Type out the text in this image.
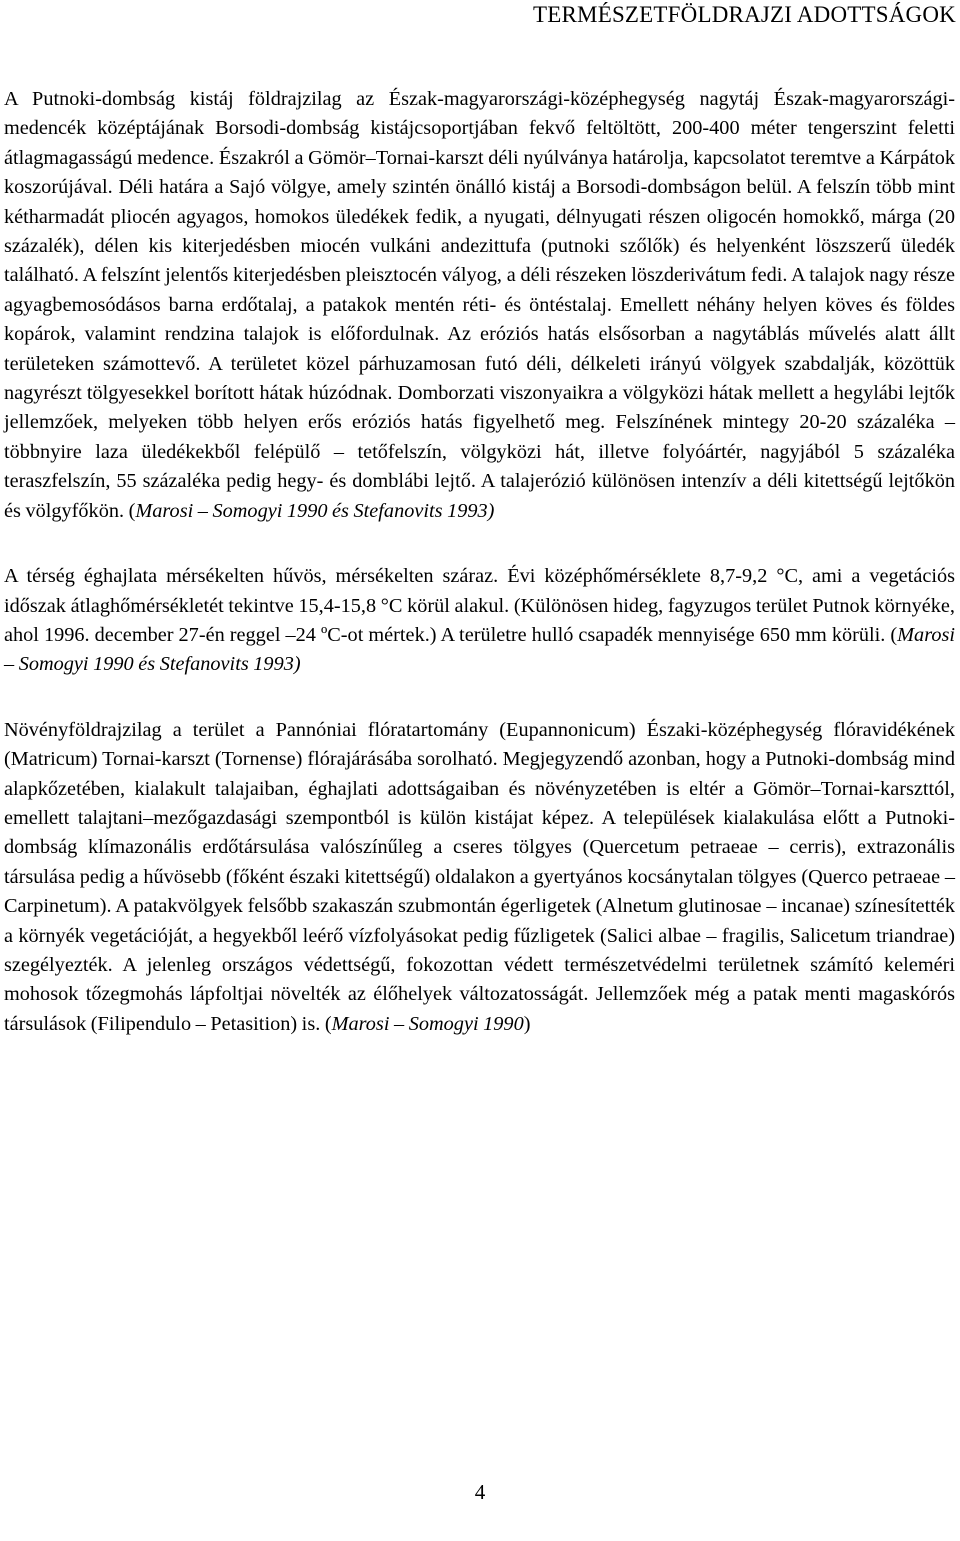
TERMÉSZETFÖLDRAJZI ADOTTSÁGOK

A Putnoki-dombság kistáj földrajzilag az Észak-magyarországi-középhegység nagytáj Észak-magyarországi-medencék középtájának Borsodi-dombság kistájcsoportjában fekvő feltöltött, 200-400 méter tengerszint feletti átlagmagasságú medence. Északról a Gömör–Tornai-karszt déli nyúlványa határolja, kapcsolatot teremtve a Kárpátok koszorújával. Déli határa a Sajó völgye, amely szintén önálló kistáj a Borsodi-dombságon belül. A felszín több mint kétharmadát pliocén agyagos, homokos üledékek fedik, a nyugati, délnyugati részen oligocén homokkő, márga (20 százalék), délen kis kiterjedésben miocén vulkáni andezittufa (putnoki szőlők) és helyenként löszszerű üledék található. A felszínt jelentős kiterjedésben pleisztocén vályog, a déli részeken löszderivátum fedi. A talajok nagy része agyagbemosódásos barna erdőtalaj, a patakok mentén réti- és öntéstalaj. Emellett néhány helyen köves és földes kopárok, valamint rendzina talajok is előfordulnak. Az eróziós hatás elsősorban a nagytáblás művelés alatt állt területeken számottevő. A területet közel párhuzamosan futó déli, délkeleti irányú völgyek szabdalják, közöttük nagyrészt tölgyesekkel borított hátak húzódnak. Domborzati viszonyaikra a völgyközi hátak mellett a hegylábi lejtők jellemzőek, melyeken több helyen erős eróziós hatás figyelhető meg. Felszínének mintegy 20-20 százaléka – többnyire laza üledékekből felépülő – tetőfelszín, völgyközi hát, illetve folyóártér, nagyjából 5 százaléka teraszfelszín, 55 százaléka pedig hegy- és domblábi lejtő. A talajerózió különösen intenzív a déli kitettségű lejtőkön és völgyfőkön. (Marosi – Somogyi 1990 és Stefanovits 1993)

A térség éghajlata mérsékelten hűvös, mérsékelten száraz. Évi középhőmérséklete 8,7-9,2 °C, ami a vegetációs időszak átlaghőmérsékletét tekintve 15,4-15,8 °C körül alakul. (Különösen hideg, fagyzugos terület Putnok környéke, ahol 1996. december 27-én reggel –24 ºC-ot mértek.) A területre hulló csapadék mennyisége 650 mm körüli. (Marosi – Somogyi 1990 és Stefanovits 1993)

Növényföldrajzilag a terület a Pannóniai flóratartomány (Eupannonicum) Északi-középhegység flóravidékének (Matricum) Tornai-karszt (Tornense) flórajárásába sorolható. Megjegyzendő azonban, hogy a Putnoki-dombság mind alapkőzetében, kialakult talajaiban, éghajlati adottságaiban és növényzetében is eltér a Gömör–Tornai-karszttól, emellett talajtani–mezőgazdasági szempontból is külön kistájat képez. A települések kialakulása előtt a Putnoki-dombság klímazonális erdőtársulása valószínűleg a cseres tölgyes (Quercetum petraeae – cerris), extrazonális társulása pedig a hűvösebb (főként északi kitettségű) oldalakon a gyertyános kocsánytalan tölgyes (Querco petraeae – Carpinetum). A patakvölgyek felsőbb szakaszán szubmontán égerligetek (Alnetum glutinosae – incanae) színesítették a környék vegetációját, a hegyekből leérő vízfolyásokat pedig fűzligetek (Salici albae – fragilis, Salicetum triandrae) szegélyezték. A jelenleg országos védettségű, fokozottan védett természetvédelmi területnek számító keleméri mohosok tőzegmohás lápfoltjai növelték az élőhelyek változatosságát. Jellemzőek még a patak menti magaskórós társulások (Filipendulo – Petasition) is. (Marosi – Somogyi 1990)

4
